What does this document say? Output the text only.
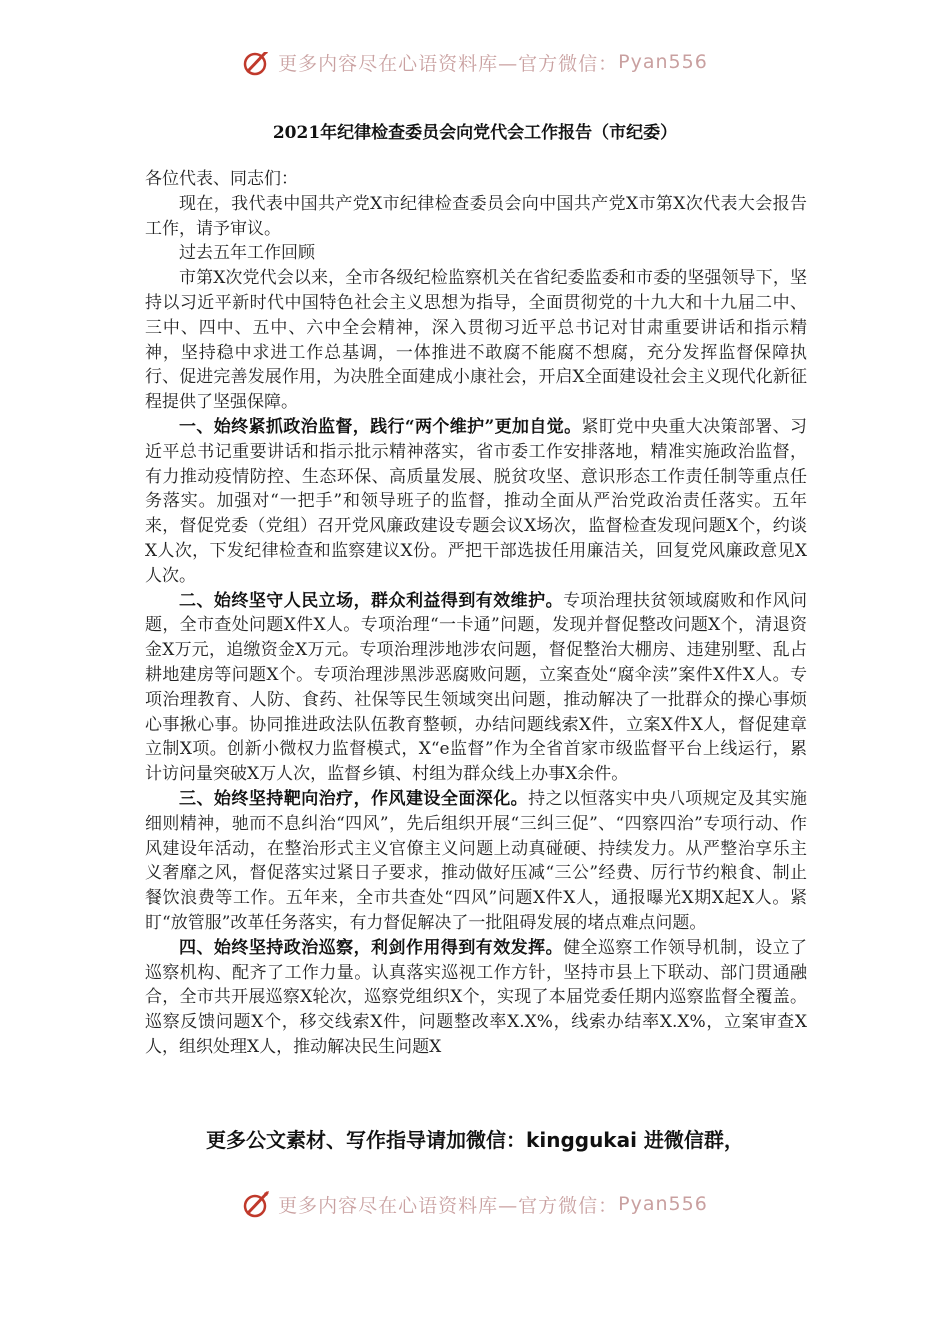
更多内容尽在心语资料库—官方微信： Pyan556
2021年纪律检查委员会向党代会工作报告（市纪委）

各位代表、同志们：

现在，我代表中国共产党X市纪律检查委员会向中国共产党X市第X次代表大会报告工作，请予审议。

过去五年工作回顾

市第X次党代会以来，全市各级纪检监察机关在省纪委监委和市委的坚强领导下，坚持以习近平新时代中国特色社会主义思想为指导，全面贯彻党的十九大和十九届二中、三中、四中、五中、六中全会精神，深入贯彻习近平总书记对甘肃重要讲话和指示精神，坚持稳中求进工作总基调，一体推进不敢腐不能腐不想腐，充分发挥监督保障执行、促进完善发展作用，为决胜全面建成小康社会，开启X全面建设社会主义现代化新征程提供了坚强保障。

一、始终紧抓政治监督，践行“两个维护”更加自觉。紧盯党中央重大决策部署、习近平总书记重要讲话和指示批示精神落实，省市委工作安排落地，精准实施政治监督，有力推动疫情防控、生态环保、高质量发展、脱贫攻坚、意识形态工作责任制等重点任务落实。加强对“一把手”和领导班子的监督，推动全面从严治党政治责任落实。五年来，督促党委（党组）召开党风廉政建设专题会议X场次，监督检查发现问题X个，约谈X人次，下发纪律检查和监察建议X份。严把干部选拔任用廉洁关，回复党风廉政意见X人次。

二、始终坚守人民立场，群众利益得到有效维护。专项治理扶贫领域腐败和作风问题，全市查处问题X件X人。专项治理“一卡通”问题，发现并督促整改问题X个，清退资金X万元，追缴资金X万元。专项治理涉地涉农问题，督促整治大棚房、违建别墅、乱占耕地建房等问题X个。专项治理涉黑涉恶腐败问题，立案查处“腐伞渎”案件X件X人。专项治理教育、人防、食药、社保等民生领域突出问题，推动解决了一批群众的操心事烦心事揪心事。协同推进政法队伍教育整顿，办结问题线索X件，立案X件X人，督促建章立制X项。创新小微权力监督模式，X“e监督”作为全省首家市级监督平台上线运行，累计访问量突破X万人次，监督乡镇、村组为群众线上办事X余件。

三、始终坚持靶向治疗，作风建设全面深化。持之以恒落实中央八项规定及其实施细则精神，驰而不息纠治“四风”，先后组织开展“三纠三促”、“四察四治”专项行动、作风建设年活动，在整治形式主义官僚主义问题上动真碰硬、持续发力。从严整治享乐主义奢靡之风，督促落实过紧日子要求，推动做好压减“三公”经费、厉行节约粮食、制止餐饮浪费等工作。五年来，全市共查处“四风”问题X件X人，通报曝光X期X起X人。紧盯“放管服”改革任务落实，有力督促解决了一批阻碍发展的堵点难点问题。

四、始终坚持政治巡察，利剑作用得到有效发挥。健全巡察工作领导机制，设立了巡察机构、配齐了工作力量。认真落实巡视工作方针，坚持市县上下联动、部门贯通融合，全市共开展巡察X轮次，巡察党组织X个，实现了本届党委任期内巡察监督全覆盖。巡察反馈问题X个，移交线索X件，问题整改率X.X%，线索办结率X.X%，立案审查X人，组织处理X人，推动解决民生问题X

更多公文素材、写作指导请加微信：kinggukai 进微信群，
更多内容尽在心语资料库—官方微信： Pyan556
